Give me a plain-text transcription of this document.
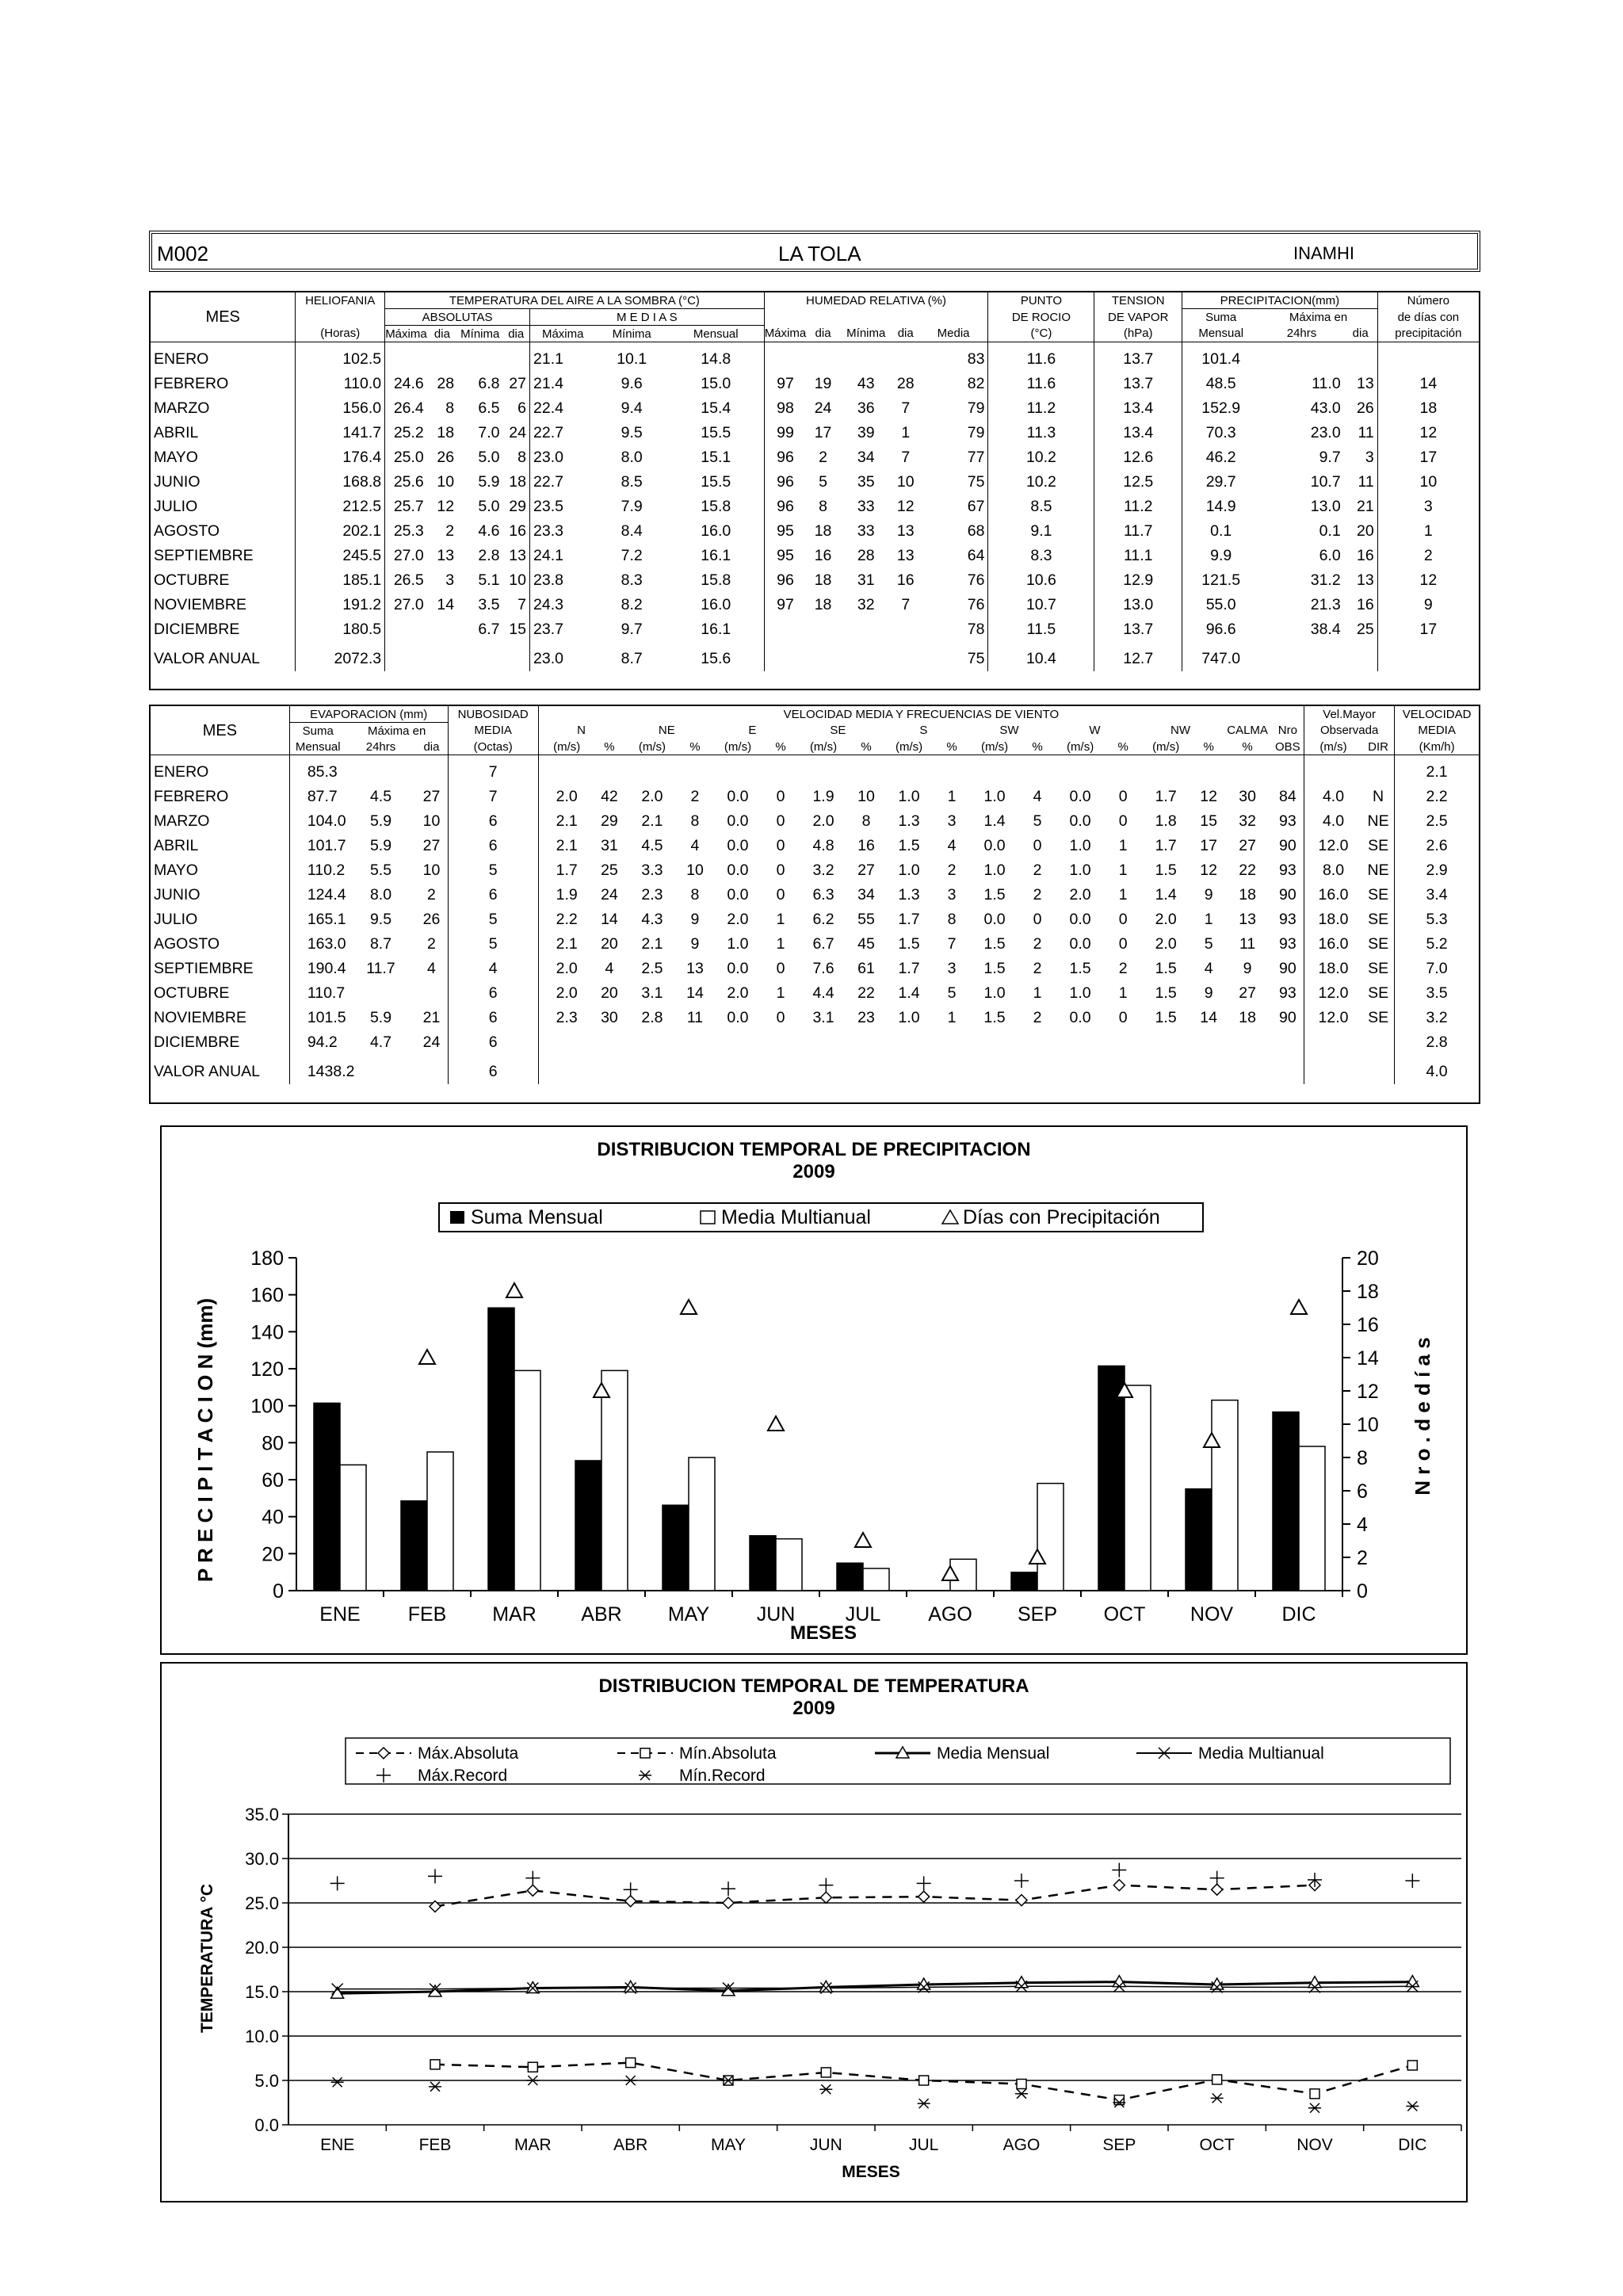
M002	LA TOLA	INAMHI
	HELIOFANIA	TEMPERATURA DEL AIRE A LA SOMBRA (°C)							HUMEDAD RELATIVA (%)					PUNTO	TENSION	PRECIPITACION(mm)			Número
MES		ABSOLUTAS				M E D I A S								DE ROCIO	DE VAPOR	Suma	Máxima en		de días con
	(Horas)	Máxima	dia	Mínima	dia	Máxima	Mínima	Mensual	Máxima	dia	Mínima	dia	Media	(°C)	(hPa)	Mensual	24hrs	dia	precipitación

ENERO	102.5					21.1	10.1	14.8					83	11.6	13.7	101.4			
FEBRERO	110.0	24.6	28	6.8	27	21.4	9.6	15.0	97	19	43	28	82	11.6	13.7	48.5	11.0	13	14
MARZO	156.0	26.4	8	6.5	6	22.4	9.4	15.4	98	24	36	7	79	11.2	13.4	152.9	43.0	26	18
ABRIL	141.7	25.2	18	7.0	24	22.7	9.5	15.5	99	17	39	1	79	11.3	13.4	70.3	23.0	11	12
MAYO	176.4	25.0	26	5.0	8	23.0	8.0	15.1	96	2	34	7	77	10.2	12.6	46.2	9.7	3	17
JUNIO	168.8	25.6	10	5.9	18	22.7	8.5	15.5	96	5	35	10	75	10.2	12.5	29.7	10.7	11	10
JULIO	212.5	25.7	12	5.0	29	23.5	7.9	15.8	96	8	33	12	67	8.5	11.2	14.9	13.0	21	3
AGOSTO	202.1	25.3	2	4.6	16	23.3	8.4	16.0	95	18	33	13	68	9.1	11.7	0.1	0.1	20	1
SEPTIEMBRE	245.5	27.0	13	2.8	13	24.1	7.2	16.1	95	16	28	13	64	8.3	11.1	9.9	6.0	16	2
OCTUBRE	185.1	26.5	3	5.1	10	23.8	8.3	15.8	96	18	31	16	76	10.6	12.9	121.5	31.2	13	12
NOVIEMBRE	191.2	27.0	14	3.5	7	24.3	8.2	16.0	97	18	32	7	76	10.7	13.0	55.0	21.3	16	9
DICIEMBRE	180.5			6.7	15	23.7	9.7	16.1					78	11.5	13.7	96.6	38.4	25	17

VALOR ANUAL	2072.3					23.0	8.7	15.6					75	10.4	12.7	747.0			
	EVAPORACION (mm)			NUBOSIDAD	VELOCIDAD MEDIA Y FRECUENCIAS DE VIENTO																		Vel.Mayor		VELOCIDAD
MES	Suma	Máxima en		MEDIA	N		NE		E		SE		S		SW		W		NW		CALMA	Nro	Observada		MEDIA
	Mensual	24hrs	dia	(Octas)	(m/s)	%	(m/s)	%	(m/s)	%	(m/s)	%	(m/s)	%	(m/s)	%	(m/s)	%	(m/s)	%	%	OBS	(m/s)	DIR	(Km/h)

ENERO	85.3			7																					2.1
FEBRERO	87.7	4.5	27	7	2.0	42	2.0	2	0.0	0	1.9	10	1.0	1	1.0	4	0.0	0	1.7	12	30	84	4.0	N	2.2
MARZO	104.0	5.9	10	6	2.1	29	2.1	8	0.0	0	2.0	8	1.3	3	1.4	5	0.0	0	1.8	15	32	93	4.0	NE	2.5
ABRIL	101.7	5.9	27	6	2.1	31	4.5	4	0.0	0	4.8	16	1.5	4	0.0	0	1.0	1	1.7	17	27	90	12.0	SE	2.6
MAYO	110.2	5.5	10	5	1.7	25	3.3	10	0.0	0	3.2	27	1.0	2	1.0	2	1.0	1	1.5	12	22	93	8.0	NE	2.9
JUNIO	124.4	8.0	2	6	1.9	24	2.3	8	0.0	0	6.3	34	1.3	3	1.5	2	2.0	1	1.4	9	18	90	16.0	SE	3.4
JULIO	165.1	9.5	26	5	2.2	14	4.3	9	2.0	1	6.2	55	1.7	8	0.0	0	0.0	0	2.0	1	13	93	18.0	SE	5.3
AGOSTO	163.0	8.7	2	5	2.1	20	2.1	9	1.0	1	6.7	45	1.5	7	1.5	2	0.0	0	2.0	5	11	93	16.0	SE	5.2
SEPTIEMBRE	190.4	11.7	4	4	2.0	4	2.5	13	0.0	0	7.6	61	1.7	3	1.5	2	1.5	2	1.5	4	9	90	18.0	SE	7.0
OCTUBRE	110.7			6	2.0	20	3.1	14	2.0	1	4.4	22	1.4	5	1.0	1	1.0	1	1.5	9	27	93	12.0	SE	3.5
NOVIEMBRE	101.5	5.9	21	6	2.3	30	2.8	11	0.0	0	3.1	23	1.0	1	1.5	2	0.0	0	1.5	14	18	90	12.0	SE	3.2
DICIEMBRE	94.2	4.7	24	6																					2.8

VALOR ANUAL	1438.2			6																					4.0
DISTRIBUCION TEMPORAL DE PRECIPITACION
2009
Suma Mensual	Media Multianual	Días con Precipitación
0
20
40
60
80
100
120
140
160
180
0
2
4
6
8
10
12
14
16
18
20
ENE FEB MAR ABR MAY JUN	JUL AGO SEP OCT NOV DIC
MESES
P R E C I P I T A C I O N (mm)	N r o . d e d í a s
DISTRIBUCION TEMPORAL DE TEMPERATURA
2009
Máx.Absoluta	Mín.Absoluta	Media Mensual	Media Multianual
Máx.Record	Mín.Record
0.0
5.0
10.0
15.0
20.0
25.0
30.0
35.0
ENE	FEB	MAR	ABR	MAY	JUN	JUL	AGO	SEP	OCT	NOV	DIC
MESES
TEMPERATURA °C
